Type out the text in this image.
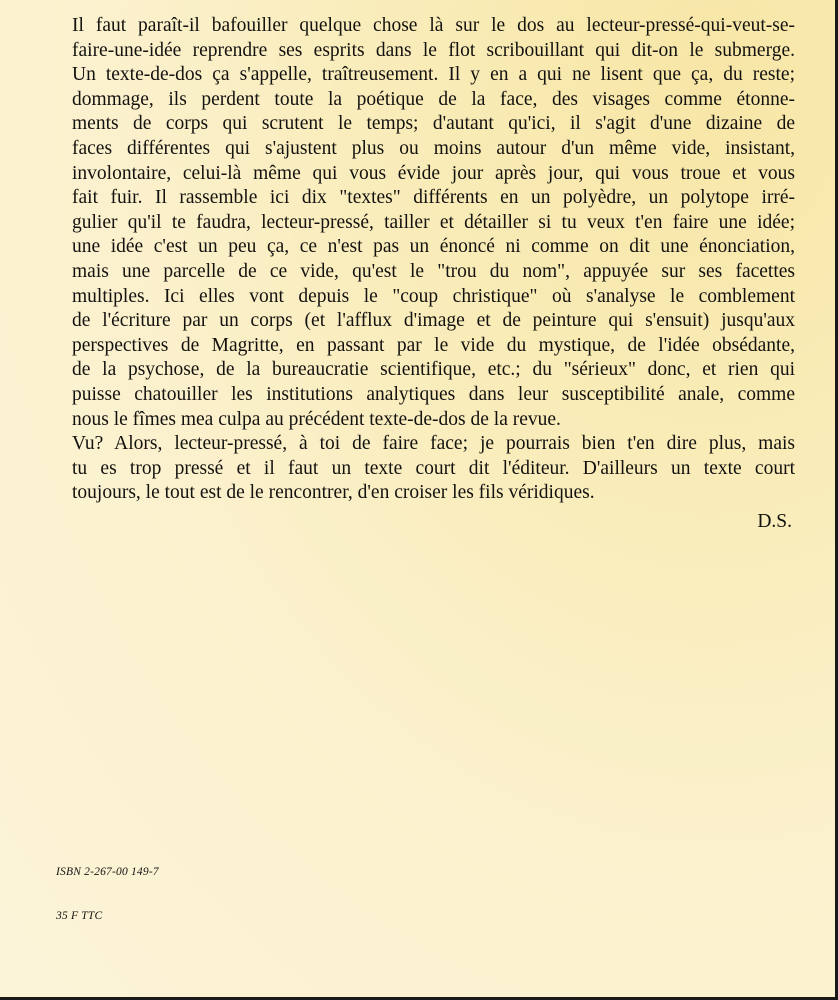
Il faut paraît-il bafouiller quelque chose là sur le dos au lecteur-pressé-qui-veut-se-
faire-une-idée reprendre ses esprits dans le flot scribouillant qui dit-on le submerge.
Un texte-de-dos ça s'appelle, traîtreusement. Il y en a qui ne lisent que ça, du reste;
dommage, ils perdent toute la poétique de la face, des visages comme étonne-
ments de corps qui scrutent le temps; d'autant qu'ici, il s'agit d'une dizaine de
faces différentes qui s'ajustent plus ou moins autour d'un même vide, insistant,
involontaire, celui-là même qui vous évide jour après jour, qui vous troue et vous
fait fuir. Il rassemble ici dix "textes" différents en un polyèdre, un polytope irré-
gulier qu'il te faudra, lecteur-pressé, tailler et détailler si tu veux t'en faire une idée;
une idée c'est un peu ça, ce n'est pas un énoncé ni comme on dit une énonciation,
mais une parcelle de ce vide, qu'est le "trou du nom", appuyée sur ses facettes
multiples. Ici elles vont depuis le "coup christique" où s'analyse le comblement
de l'écriture par un corps (et l'afflux d'image et de peinture qui s'ensuit) jusqu'aux
perspectives de Magritte, en passant par le vide du mystique, de l'idée obsédante,
de la psychose, de la bureaucratie scientifique, etc.; du "sérieux" donc, et rien qui
puisse chatouiller les institutions analytiques dans leur susceptibilité anale, comme
nous le fîmes mea culpa au précédent texte-de-dos de la revue.
Vu? Alors, lecteur-pressé, à toi de faire face; je pourrais bien t'en dire plus, mais
tu es trop pressé et il faut un texte court dit l'éditeur. D'ailleurs un texte court
toujours, le tout est de le rencontrer, d'en croiser les fils véridiques.
D.S.
ISBN 2-267-00 149-7
35 F TTC
